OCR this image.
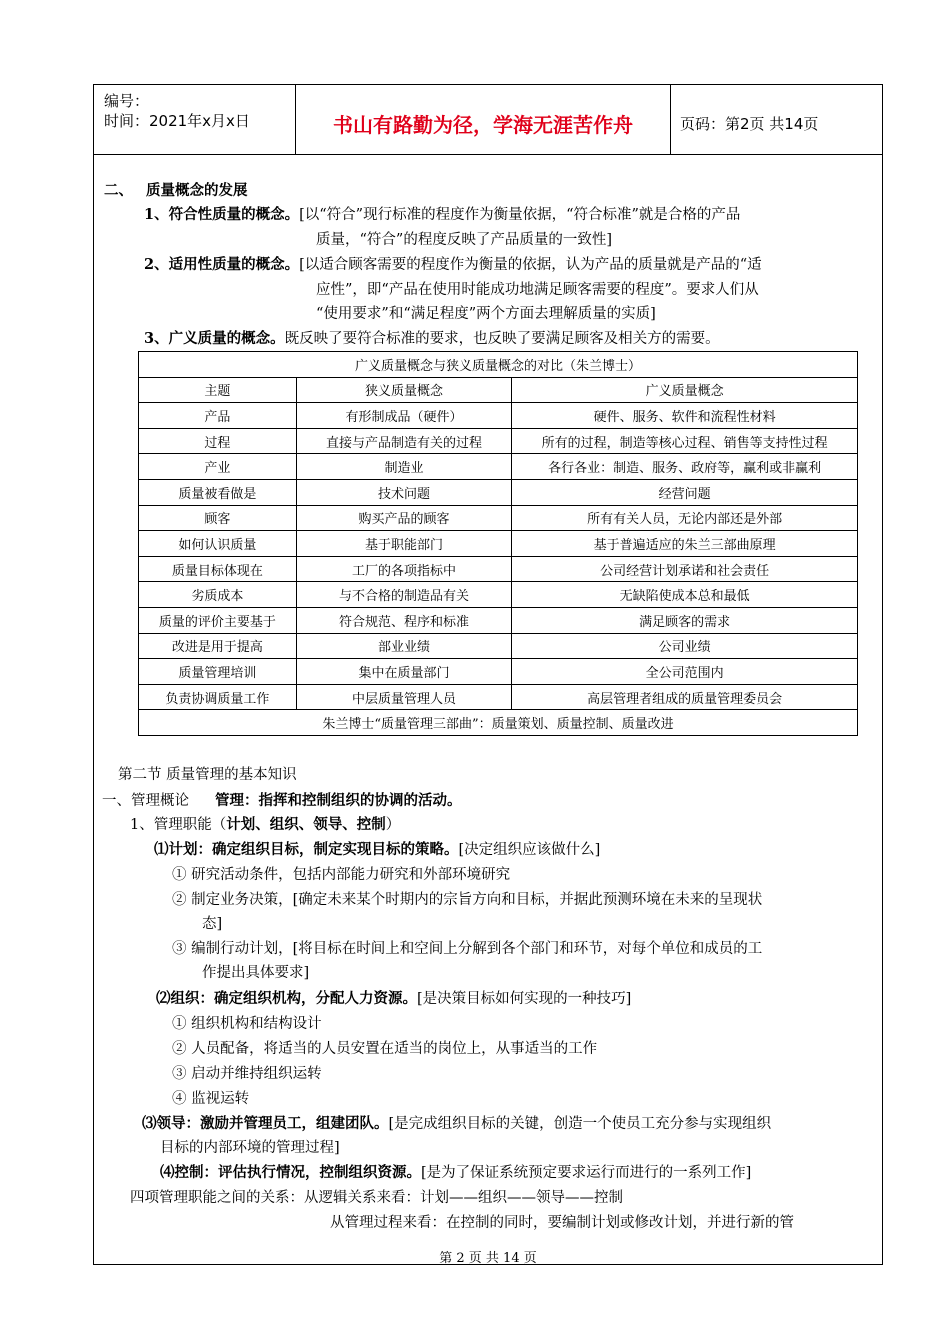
编号：
时间：2021年x月x日	书山有路勤为径，学海无涯苦作舟	页码：第2页 共14页
二、 质量概念的发展
1、符合性质量的概念。[以“符合”现行标准的程度作为衡量依据，“符合标准”就是合格的产品
质量，“符合”的程度反映了产品质量的一致性]
2、适用性质量的概念。[以适合顾客需要的程度作为衡量的依据，认为产品的质量就是产品的“适
应性”，即“产品在使用时能成功地满足顾客需要的程度”。要求人们从
“使用要求”和“满足程度”两个方面去理解质量的实质]
3、广义质量的概念。既反映了要符合标准的要求，也反映了要满足顾客及相关方的需要。
广义质量概念与狭义质量概念的对比（朱兰博士）		
主题	狭义质量概念	广义质量概念
产品	有形制成品（硬件）	硬件、服务、软件和流程性材料
过程	直接与产品制造有关的过程	所有的过程，制造等核心过程、销售等支持性过程
产业	制造业	各行各业：制造、服务、政府等，赢利或非赢利
质量被看做是	技术问题	经营问题
顾客	购买产品的顾客	所有有关人员，无论内部还是外部
如何认识质量	基于职能部门	基于普遍适应的朱兰三部曲原理
质量目标体现在	工厂的各项指标中	公司经营计划承诺和社会责任
劣质成本	与不合格的制造品有关	无缺陷使成本总和最低
质量的评价主要基于	符合规范、程序和标准	满足顾客的需求
改进是用于提高	部业业绩	公司业绩
质量管理培训	集中在质量部门	全公司范围内
负责协调质量工作	中层质量管理人员	高层管理者组成的质量管理委员会
朱兰博士“质量管理三部曲”：质量策划、质量控制、质量改进		
第二节 质量管理的基本知识
一、管理概论 管理：指挥和控制组织的协调的活动。
1、管理职能（计划、组织、领导、控制）
⑴计划：确定组织目标，制定实现目标的策略。[决定组织应该做什么]
① 研究活动条件，包括内部能力研究和外部环境研究
② 制定业务决策，[确定未来某个时期内的宗旨方向和目标，并据此预测环境在未来的呈现状
态]
③ 编制行动计划，[将目标在时间上和空间上分解到各个部门和环节，对每个单位和成员的工
作提出具体要求]
⑵组织：确定组织机构，分配人力资源。[是决策目标如何实现的一种技巧]
① 组织机构和结构设计
② 人员配备，将适当的人员安置在适当的岗位上，从事适当的工作
③ 启动并维持组织运转
④ 监视运转
⑶领导：激励并管理员工，组建团队。[是完成组织目标的关键，创造一个使员工充分参与实现组织
目标的内部环境的管理过程]
⑷控制：评估执行情况，控制组织资源。[是为了保证系统预定要求运行而进行的一系列工作]
四项管理职能之间的关系：从逻辑关系来看：计划——组织——领导——控制
从管理过程来看：在控制的同时，要编制计划或修改计划，并进行新的管
第 2 页 共 14 页
